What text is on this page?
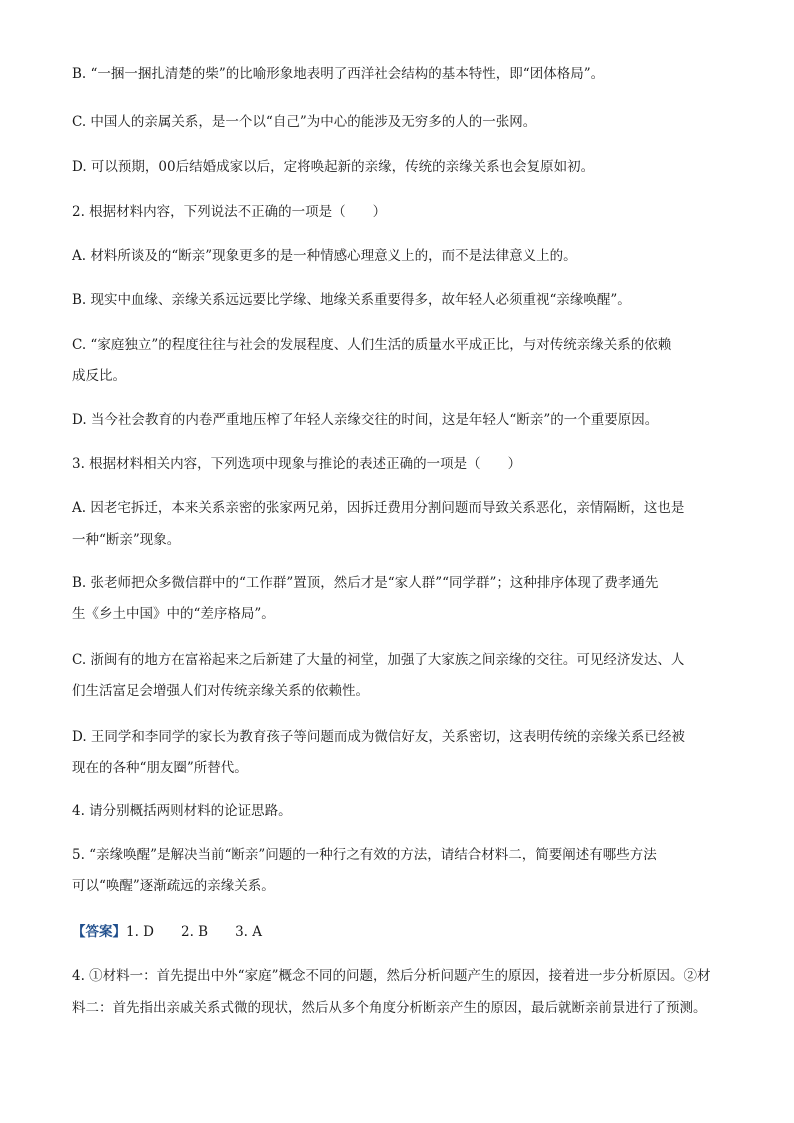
B. “一捆一捆扎清楚的柴”的比喻形象地表明了西洋社会结构的基本特性，即“团体格局”。
C. 中国人的亲属关系，是一个以“自己”为中心的能涉及无穷多的人的一张网。
D. 可以预期，00后结婚成家以后，定将唤起新的亲缘，传统的亲缘关系也会复原如初。
2. 根据材料内容，下列说法不正确的一项是（　　）
A. 材料所谈及的“断亲”现象更多的是一种情感心理意义上的，而不是法律意义上的。
B. 现实中血缘、亲缘关系远远要比学缘、地缘关系重要得多，故年轻人必须重视“亲缘唤醒”。
C. “家庭独立”的程度往往与社会的发展程度、人们生活的质量水平成正比，与对传统亲缘关系的依赖
成反比。
D. 当今社会教育的内卷严重地压榨了年轻人亲缘交往的时间，这是年轻人“断亲”的一个重要原因。
3. 根据材料相关内容，下列选项中现象与推论的表述正确的一项是（　　）
A. 因老宅拆迁，本来关系亲密的张家两兄弟，因拆迁费用分割问题而导致关系恶化，亲情隔断，这也是
一种“断亲”现象。
B. 张老师把众多微信群中的“工作群”置顶，然后才是“家人群”“同学群”；这种排序体现了费孝通先
生《乡土中国》中的“差序格局”。
C. 浙闽有的地方在富裕起来之后新建了大量的祠堂，加强了大家族之间亲缘的交往。可见经济发达、人
们生活富足会增强人们对传统亲缘关系的依赖性。
D. 王同学和李同学的家长为教育孩子等问题而成为微信好友，关系密切，这表明传统的亲缘关系已经被
现在的各种“朋友圈”所替代。
4. 请分别概括两则材料的论证思路。
5. “亲缘唤醒”是解决当前“断亲”问题的一种行之有效的方法，请结合材料二，简要阐述有哪些方法
可以“唤醒”逐渐疏远的亲缘关系。
【答案】1. D　　2. B　　3. A
4. ①材料一：首先提出中外“家庭”概念不同的问题，然后分析问题产生的原因，接着进一步分析原因。②材
料二：首先指出亲戚关系式微的现状，然后从多个角度分析断亲产生的原因，最后就断亲前景进行了预测。
